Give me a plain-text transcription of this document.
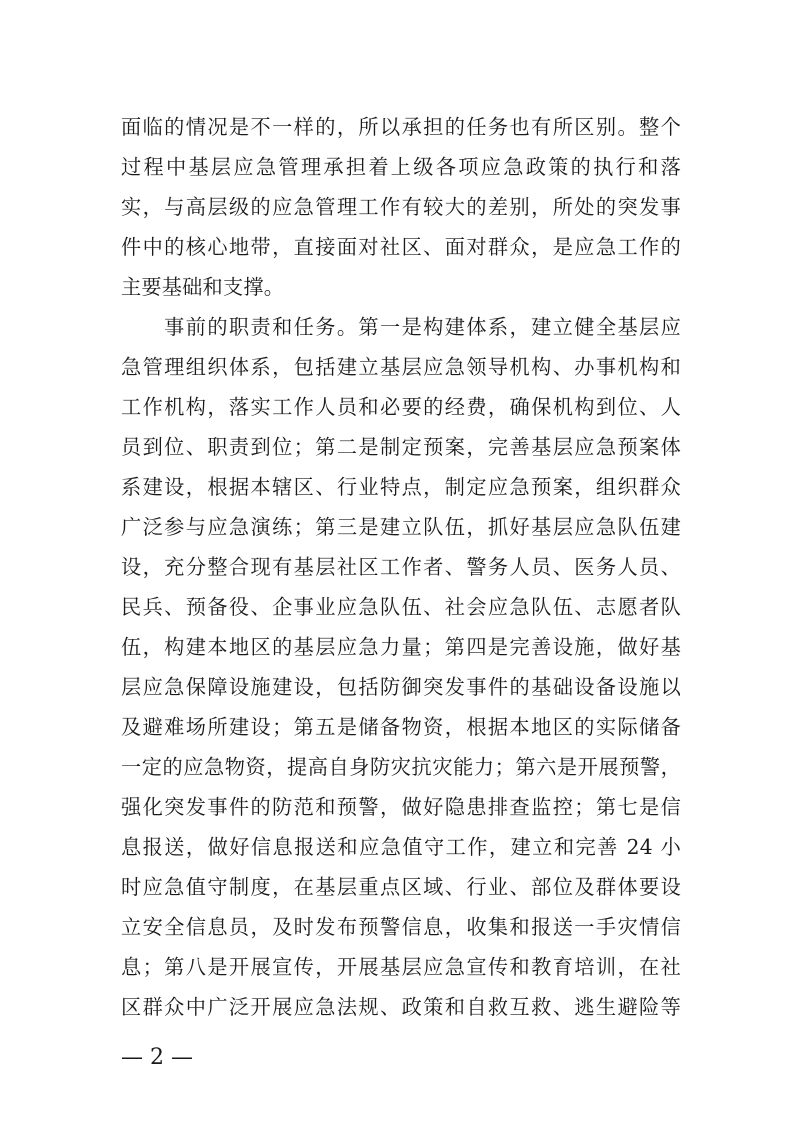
面临的情况是不一样的，所以承担的任务也有所区别。整个
过程中基层应急管理承担着上级各项应急政策的执行和落
实，与高层级的应急管理工作有较大的差别，所处的突发事
件中的核心地带，直接面对社区、面对群众，是应急工作的
主要基础和支撑。
　　事前的职责和任务。第一是构建体系，建立健全基层应
急管理组织体系，包括建立基层应急领导机构、办事机构和
工作机构，落实工作人员和必要的经费，确保机构到位、人
员到位、职责到位；第二是制定预案，完善基层应急预案体
系建设，根据本辖区、行业特点，制定应急预案，组织群众
广泛参与应急演练；第三是建立队伍，抓好基层应急队伍建
设，充分整合现有基层社区工作者、警务人员、医务人员、
民兵、预备役、企事业应急队伍、社会应急队伍、志愿者队
伍，构建本地区的基层应急力量；第四是完善设施，做好基
层应急保障设施建设，包括防御突发事件的基础设备设施以
及避难场所建设；第五是储备物资，根据本地区的实际储备
一定的应急物资，提高自身防灾抗灾能力；第六是开展预警，
强化突发事件的防范和预警，做好隐患排查监控；第七是信
息报送，做好信息报送和应急值守工作，建立和完善 24 小
时应急值守制度，在基层重点区域、行业、部位及群体要设
立安全信息员，及时发布预警信息，收集和报送一手灾情信
息；第八是开展宣传，开展基层应急宣传和教育培训，在社
区群众中广泛开展应急法规、政策和自救互救、逃生避险等
— 2 —
